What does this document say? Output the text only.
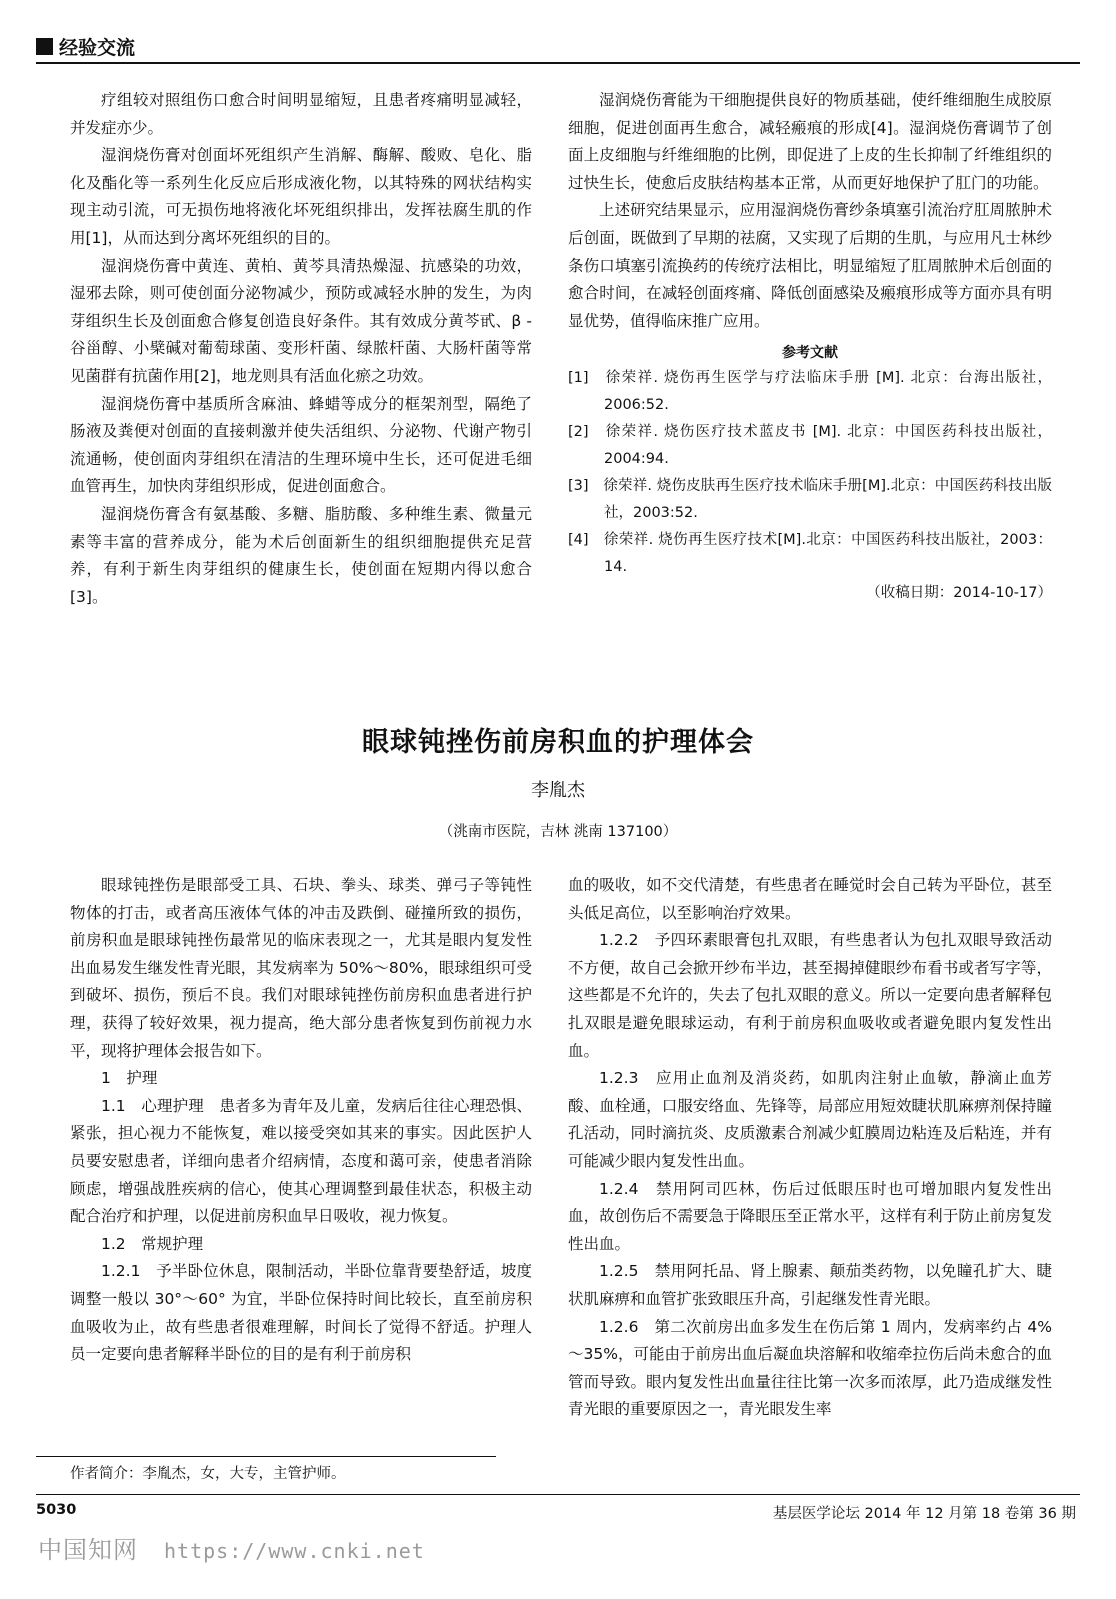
经验交流

疗组较对照组伤口愈合时间明显缩短，且患者疼痛明显减轻，并发症亦少。

湿润烧伤膏对创面坏死组织产生消解、酶解、酸败、皂化、脂化及酯化等一系列生化反应后形成液化物，以其特殊的网状结构实现主动引流，可无损伤地将液化坏死组织排出，发挥祛腐生肌的作用[1]，从而达到分离坏死组织的目的。

湿润烧伤膏中黄连、黄柏、黄芩具清热燥湿、抗感染的功效，湿邪去除，则可使创面分泌物减少，预防或减轻水肿的发生，为肉芽组织生长及创面愈合修复创造良好条件。其有效成分黄芩甙、β - 谷甾醇、小檗碱对葡萄球菌、变形杆菌、绿脓杆菌、大肠杆菌等常见菌群有抗菌作用[2]，地龙则具有活血化瘀之功效。

湿润烧伤膏中基质所含麻油、蜂蜡等成分的框架剂型，隔绝了肠液及粪便对创面的直接刺激并使失活组织、分泌物、代谢产物引流通畅，使创面肉芽组织在清洁的生理环境中生长，还可促进毛细血管再生，加快肉芽组织形成，促进创面愈合。

湿润烧伤膏含有氨基酸、多糖、脂肪酸、多种维生素、微量元素等丰富的营养成分，能为术后创面新生的组织细胞提供充足营养，有利于新生肉芽组织的健康生长，使创面在短期内得以愈合[3]。

湿润烧伤膏能为干细胞提供良好的物质基础，使纤维细胞生成胶原细胞，促进创面再生愈合，减轻瘢痕的形成[4]。湿润烧伤膏调节了创面上皮细胞与纤维细胞的比例，即促进了上皮的生长抑制了纤维组织的过快生长，使愈后皮肤结构基本正常，从而更好地保护了肛门的功能。

上述研究结果显示，应用湿润烧伤膏纱条填塞引流治疗肛周脓肿术后创面，既做到了早期的祛腐，又实现了后期的生肌，与应用凡士林纱条伤口填塞引流换药的传统疗法相比，明显缩短了肛周脓肿术后创面的愈合时间，在减轻创面疼痛、降低创面感染及瘢痕形成等方面亦具有明显优势，值得临床推广应用。

参考文献
[1]　徐荣祥. 烧伤再生医学与疗法临床手册 [M]. 北京：台海出版社，2006:52.
[2]　徐荣祥. 烧伤医疗技术蓝皮书 [M]. 北京：中国医药科技出版社，2004:94.
[3]　徐荣祥. 烧伤皮肤再生医疗技术临床手册[M].北京：中国医药科技出版社，2003:52.
[4]　徐荣祥. 烧伤再生医疗技术[M].北京：中国医药科技出版社，2003：14.
（收稿日期：2014-10-17）
眼球钝挫伤前房积血的护理体会
李胤杰
（洮南市医院，吉林 洮南 137100）

眼球钝挫伤是眼部受工具、石块、拳头、球类、弹弓子等钝性物体的打击，或者高压液体气体的冲击及跌倒、碰撞所致的损伤，前房积血是眼球钝挫伤最常见的临床表现之一，尤其是眼内复发性出血易发生继发性青光眼，其发病率为 50%～80%，眼球组织可受到破坏、损伤，预后不良。我们对眼球钝挫伤前房积血患者进行护理，获得了较好效果，视力提高，绝大部分患者恢复到伤前视力水平，现将护理体会报告如下。

1　护理

1.1　心理护理　患者多为青年及儿童，发病后往往心理恐惧、紧张，担心视力不能恢复，难以接受突如其来的事实。因此医护人员要安慰患者，详细向患者介绍病情，态度和蔼可亲，使患者消除顾虑，增强战胜疾病的信心，使其心理调整到最佳状态，积极主动配合治疗和护理，以促进前房积血早日吸收，视力恢复。

1.2　常规护理

1.2.1　予半卧位休息，限制活动，半卧位靠背要垫舒适，坡度调整一般以 30°～60° 为宜，半卧位保持时间比较长，直至前房积血吸收为止，故有些患者很难理解，时间长了觉得不舒适。护理人员一定要向患者解释半卧位的目的是有利于前房积

血的吸收，如不交代清楚，有些患者在睡觉时会自己转为平卧位，甚至头低足高位，以至影响治疗效果。

1.2.2　予四环素眼膏包扎双眼，有些患者认为包扎双眼导致活动不方便，故自己会掀开纱布半边，甚至揭掉健眼纱布看书或者写字等，这些都是不允许的，失去了包扎双眼的意义。所以一定要向患者解释包扎双眼是避免眼球运动，有利于前房积血吸收或者避免眼内复发性出血。

1.2.3　应用止血剂及消炎药，如肌肉注射止血敏，静滴止血芳酸、血栓通，口服安络血、先锋等，局部应用短效睫状肌麻痹剂保持瞳孔活动，同时滴抗炎、皮质激素合剂减少虹膜周边粘连及后粘连，并有可能减少眼内复发性出血。

1.2.4　禁用阿司匹林，伤后过低眼压时也可增加眼内复发性出血，故创伤后不需要急于降眼压至正常水平，这样有利于防止前房复发性出血。

1.2.5　禁用阿托品、肾上腺素、颠茄类药物，以免瞳孔扩大、睫状肌麻痹和血管扩张致眼压升高，引起继发性青光眼。

1.2.6　第二次前房出血多发生在伤后第 1 周内，发病率约占 4%～35%，可能由于前房出血后凝血块溶解和收缩牵拉伤后尚未愈合的血管而导致。眼内复发性出血量往往比第一次多而浓厚，此乃造成继发性青光眼的重要原因之一，青光眼发生率

作者简介：李胤杰，女，大专，主管护师。
5030	基层医学论坛 2014 年 12 月第 18 卷第 36 期
中国知网 https://www.cnki.net
